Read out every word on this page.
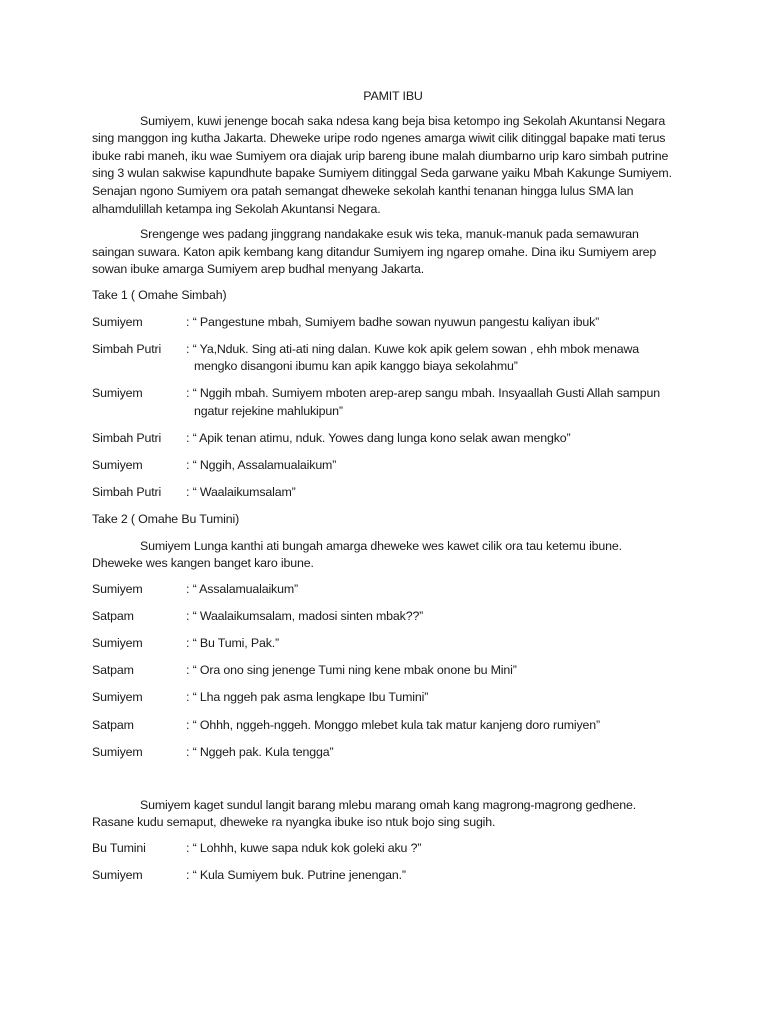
PAMIT IBU

Sumiyem, kuwi jenenge bocah saka ndesa kang beja bisa ketompo ing Sekolah Akuntansi Negara sing manggon ing kutha Jakarta. Dheweke uripe rodo ngenes amarga wiwit cilik ditinggal bapake mati terus ibuke rabi maneh, iku wae Sumiyem ora diajak urip bareng ibune malah diumbarno urip karo simbah putrine sing 3 wulan sakwise kapundhute bapake Sumiyem ditinggal Seda garwane yaiku Mbah Kakunge Sumiyem. Senajan ngono Sumiyem ora patah semangat dheweke sekolah kanthi tenanan hingga lulus SMA lan alhamdulillah ketampa ing Sekolah Akuntansi Negara.

Srengenge wes padang jinggrang nandakake esuk wis teka, manuk-manuk pada semawuran saingan suwara. Katon apik kembang kang ditandur Sumiyem ing ngarep omahe. Dina iku Sumiyem arep sowan ibuke amarga Sumiyem arep budhal menyang Jakarta.

Take 1 ( Omahe Simbah)
Sumiyem	: “ Pangestune mbah, Sumiyem badhe sowan nyuwun pangestu kaliyan ibuk”
Simbah Putri	: “ Ya,Nduk. Sing ati-ati ning dalan. Kuwe kok apik gelem sowan , ehh mbok menawa mengko disangoni ibumu kan apik kanggo biaya sekolahmu”
Sumiyem	: “ Nggih mbah. Sumiyem mboten arep-arep sangu mbah. Insyaallah Gusti Allah sampun ngatur rejekine mahlukipun”
Simbah Putri	: “ Apik tenan atimu, nduk. Yowes dang lunga kono selak awan mengko”
Sumiyem	: “ Nggih, Assalamualaikum”
Simbah Putri	: “ Waalaikumsalam”
Take 2 ( Omahe Bu Tumini)

Sumiyem Lunga kanthi ati bungah amarga dheweke wes kawet cilik ora tau ketemu ibune. Dheweke wes kangen banget karo ibune.

Sumiyem	: “ Assalamualaikum”
Satpam	: “ Waalaikumsalam, madosi sinten mbak??”
Sumiyem	: “ Bu Tumi, Pak.”
Satpam	: “ Ora ono sing jenenge Tumi ning kene mbak onone bu Mini”
Sumiyem	: “ Lha nggeh pak asma lengkape Ibu Tumini”
Satpam	: “ Ohhh, nggeh-nggeh. Monggo mlebet kula tak matur kanjeng doro rumiyen”
Sumiyem	: “ Nggeh pak. Kula tengga”

Sumiyem kaget sundul langit barang mlebu marang omah kang magrong-magrong gedhene. Rasane kudu semaput, dheweke ra nyangka ibuke iso ntuk bojo sing sugih.

Bu Tumini	: “ Lohhh, kuwe sapa nduk kok goleki aku ?”
Sumiyem	: “ Kula Sumiyem buk. Putrine jenengan.”
